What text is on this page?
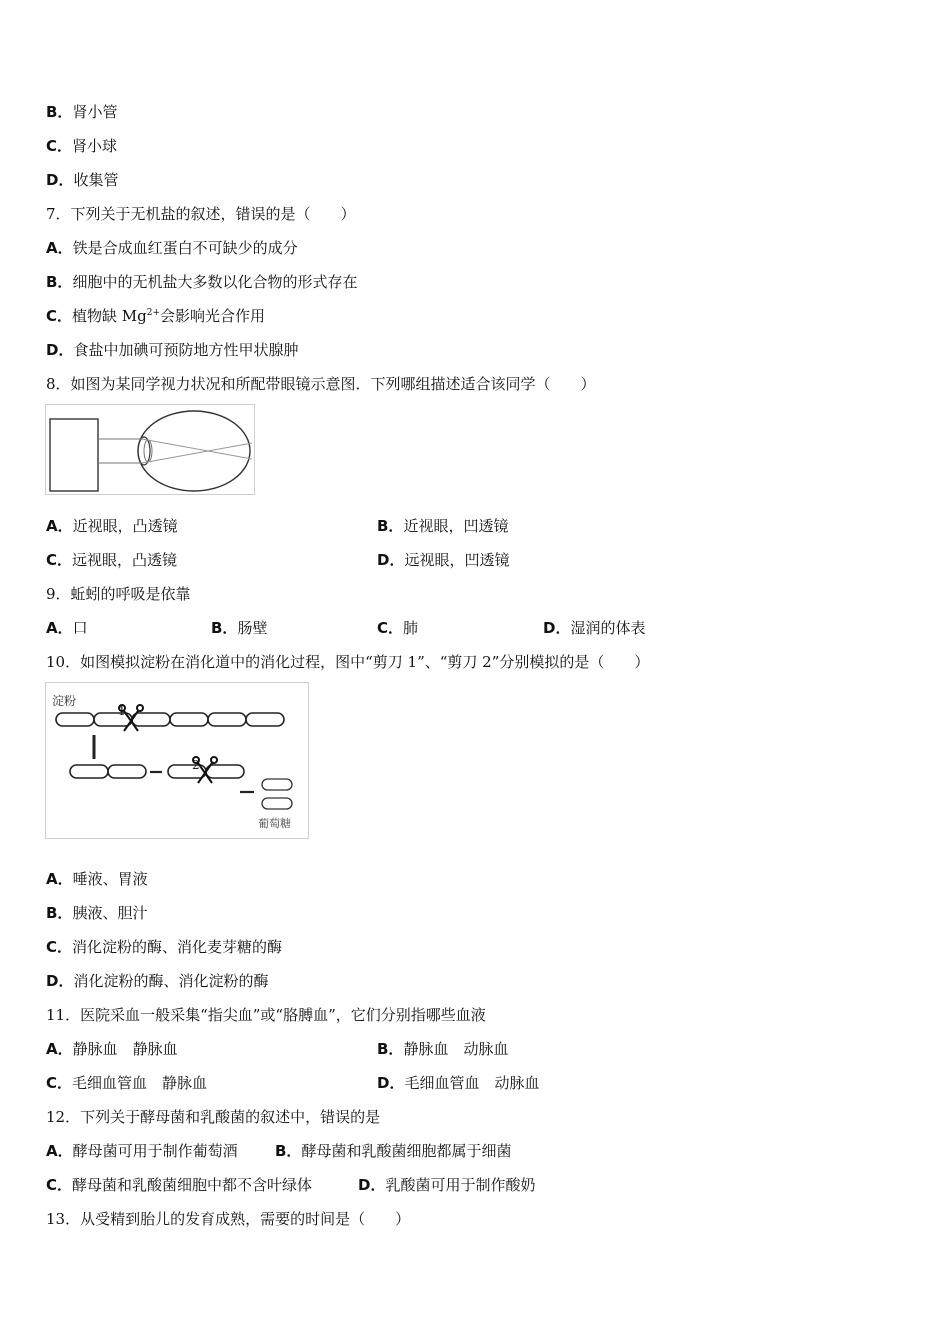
B．肾小管
C．肾小球
D．收集管
7．下列关于无机盐的叙述，错误的是（　　）
A．铁是合成血红蛋白不可缺少的成分
B．细胞中的无机盐大多数以化合物的形式存在
C．植物缺 $Mg^{2+}$会影响光合作用
D．食盐中加碘可预防地方性甲状腺肿
8．如图为某同学视力状况和所配带眼镜示意图．下列哪组描述适合该同学（　　）
A．近视眼，凸透镜	B．近视眼，凹透镜
C．远视眼，凸透镜	D．远视眼，凹透镜
9．蚯蚓的呼吸是依靠
A．口	B．肠壁	C．肺	D．湿润的体表
10．如图模拟淀粉在消化道中的消化过程，图中“剪刀 1”、“剪刀 2”分别模拟的是（　　）
淀粉
1
2
葡萄糖
A．唾液、胃液
B．胰液、胆汁
C．消化淀粉的酶、消化麦芽糖的酶
D．消化淀粉的酶、消化淀粉的酶
11．医院采血一般采集“指尖血”或“胳膊血”，它们分别指哪些血液
A．静脉血　静脉血	B．静脉血　动脉血
C．毛细血管血　静脉血	D．毛细血管血　动脉血
12．下列关于酵母菌和乳酸菌的叙述中，错误的是
A．酵母菌可用于制作葡萄酒 B．酵母菌和乳酸菌细胞都属于细菌
C．酵母菌和乳酸菌细胞中都不含叶绿体	D．乳酸菌可用于制作酸奶
13．从受精到胎儿的发育成熟，需要的时间是（　　）
